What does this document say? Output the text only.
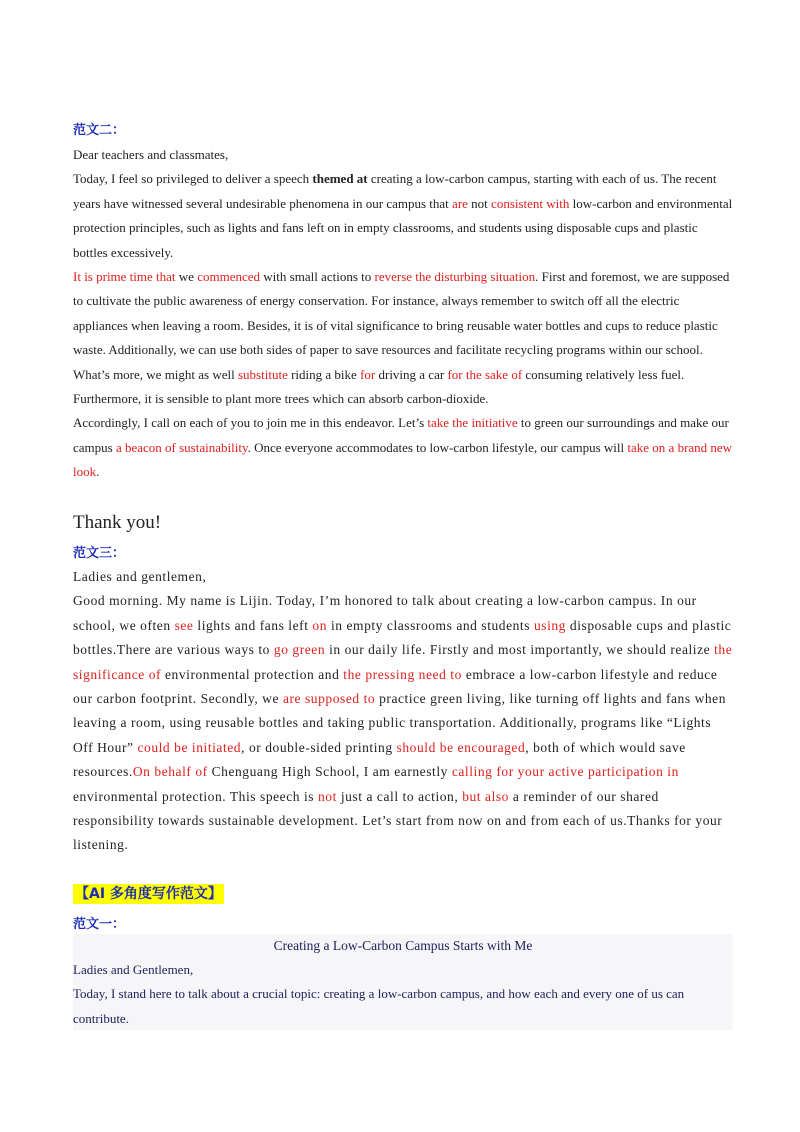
范文二：

Dear teachers and classmates,

Today, I feel so privileged to deliver a speech themed at creating a low-carbon campus, starting with each of us. The recent years have witnessed several undesirable phenomena in our campus that are not consistent with low-carbon and environmental protection principles, such as lights and fans left on in empty classrooms, and students using disposable cups and plastic bottles excessively.

It is prime time that we commenced with small actions to reverse the disturbing situation. First and foremost, we are supposed to cultivate the public awareness of energy conservation. For instance, always remember to switch off all the electric appliances when leaving a room. Besides, it is of vital significance to bring reusable water bottles and cups to reduce plastic waste. Additionally, we can use both sides of paper to save resources and facilitate recycling programs within our school. What’s more, we might as well substitute riding a bike for driving a car for the sake of consuming relatively less fuel. Furthermore, it is sensible to plant more trees which can absorb carbon-dioxide.

Accordingly, I call on each of you to join me in this endeavor. Let’s take the initiative to green our surroundings and make our campus a beacon of sustainability. Once everyone accommodates to low-carbon lifestyle, our campus will take on a brand new look.

Thank you!
范文三：

Ladies and gentlemen,

Good morning. My name is Lijin. Today, I’m honored to talk about creating a low-carbon campus. In our school, we often see lights and fans left on in empty classrooms and students using disposable cups and plastic bottles.There are various ways to go green in our daily life. Firstly and most importantly, we should realize the significance of environmental protection and the pressing need to embrace a low-carbon lifestyle and reduce our carbon footprint. Secondly, we are supposed to practice green living, like turning off lights and fans when leaving a room, using reusable bottles and taking public transportation. Additionally, programs like “Lights Off Hour” could be initiated, or double-sided printing should be encouraged, both of which would save resources.On behalf of Chenguang High School, I am earnestly calling for your active participation in environmental protection. This speech is not just a call to action, but also a reminder of our shared responsibility towards sustainable development. Let’s start from now on and from each of us.Thanks for your listening.

【AI 多角度写作范文】
范文一：
Creating a Low-Carbon Campus Starts with Me

Ladies and Gentlemen,

Today, I stand here to talk about a crucial topic: creating a low-carbon campus, and how each and every one of us can contribute.
